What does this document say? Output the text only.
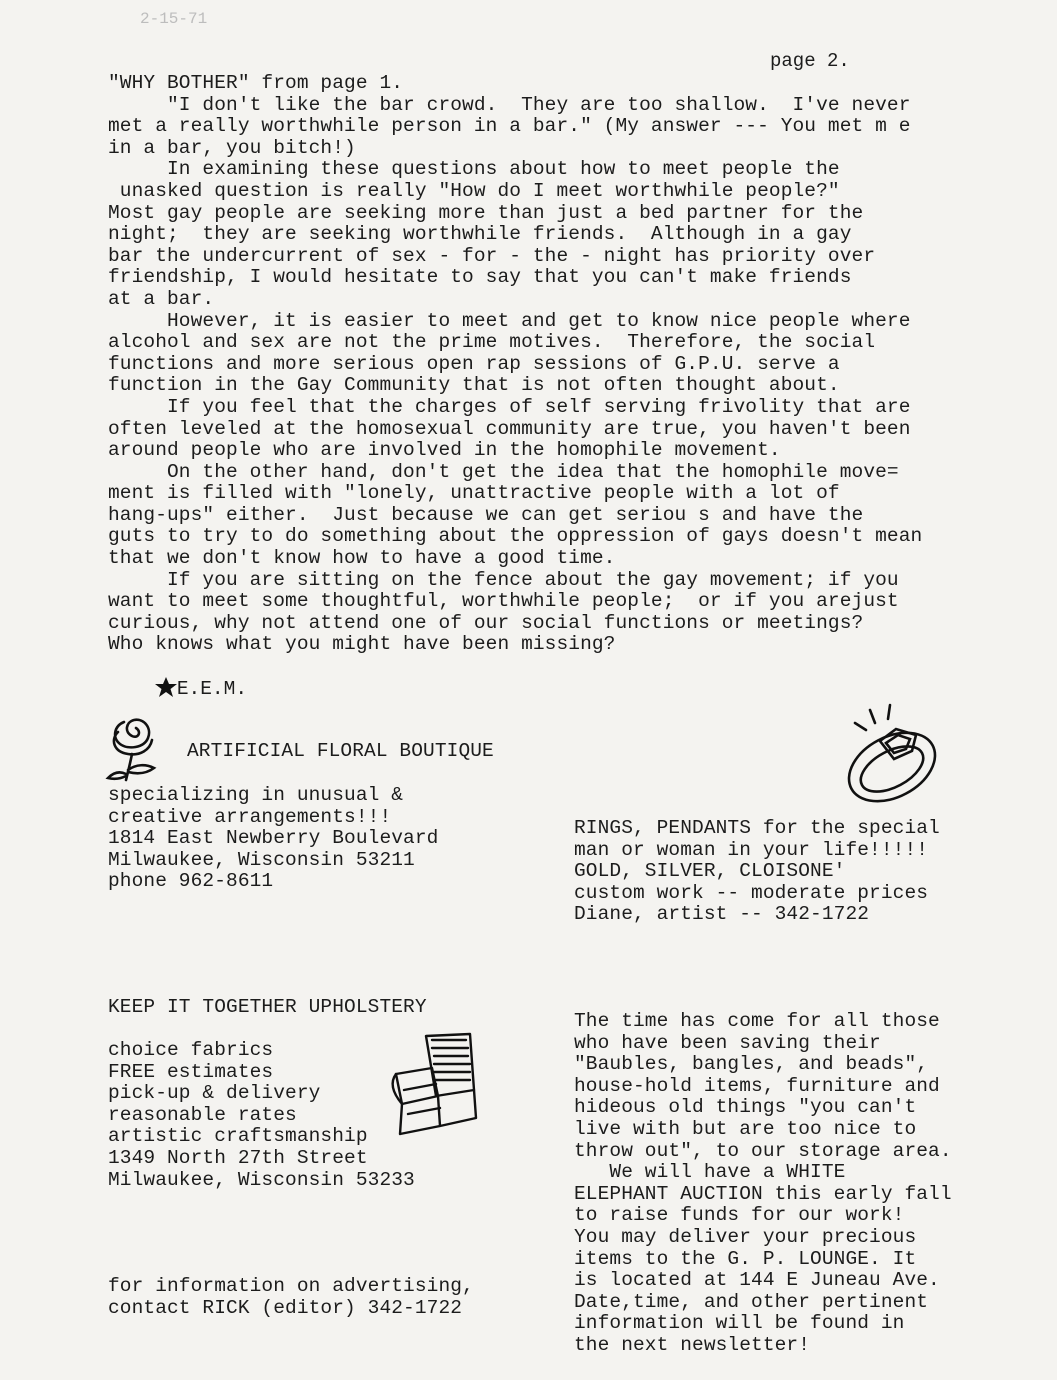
2-15-71
page 2.
"WHY BOTHER" from page 1.
"I don't like the bar crowd.  They are too shallow.  I've never
met a really worthwhile person in a bar." (My answer --- You met m e
in a bar, you bitch!)
In examining these questions about how to meet people the
unasked question is really "How do I meet worthwhile people?"
Most gay people are seeking more than just a bed partner for the
night;  they are seeking worthwhile friends.  Although in a gay
bar the undercurrent of sex - for - the - night has priority over
friendship, I would hesitate to say that you can't make friends
at a bar.
However, it is easier to meet and get to know nice people where
alcohol and sex are not the prime motives.  Therefore, the social
functions and more serious open rap sessions of G.P.U. serve a
function in the Gay Community that is not often thought about.
If you feel that the charges of self serving frivolity that are
often leveled at the homosexual community are true, you haven't been
around people who are involved in the homophile movement.
On the other hand, don't get the idea that the homophile move=
ment is filled with "lonely, unattractive people with a lot of
hang-ups" either.  Just because we can get seriou s and have the
guts to try to do something about the oppression of gays doesn't mean
that we don't know how to have a good time.
If you are sitting on the fence about the gay movement; if you
want to meet some thoughtful, worthwhile people;  or if you arejust
curious, why not attend one of our social functions or meetings?
Who knows what you might have been missing?

E.E.M.

ARTIFICIAL FLORAL BOUTIQUE
specializing in unusual &
creative arrangements!!!
1814 East Newberry Boulevard
Milwaukee, Wisconsin 53211
phone 962-8611
RINGS, PENDANTS for the special
man or woman in your life!!!!!
GOLD, SILVER, CLOISONE'
custom work -- moderate prices
Diane, artist -- 342-1722
KEEP IT TOGETHER UPHOLSTERY
choice fabrics
FREE estimates
pick-up & delivery
reasonable rates
artistic craftsmanship
1349 North 27th Street
Milwaukee, Wisconsin 53233
The time has come for all those
who have been saving their
"Baubles, bangles, and beads",
house-hold items, furniture and
hideous old things "you can't
live with but are too nice to
throw out", to our storage area.
We will have a WHITE
ELEPHANT AUCTION this early fall
to raise funds for our work!
You may deliver your precious
items to the G. P. LOUNGE. It
is located at 144 E Juneau Ave.
Date,time, and other pertinent
information will be found in
the next newsletter!
for information on advertising,
contact RICK (editor) 342-1722
